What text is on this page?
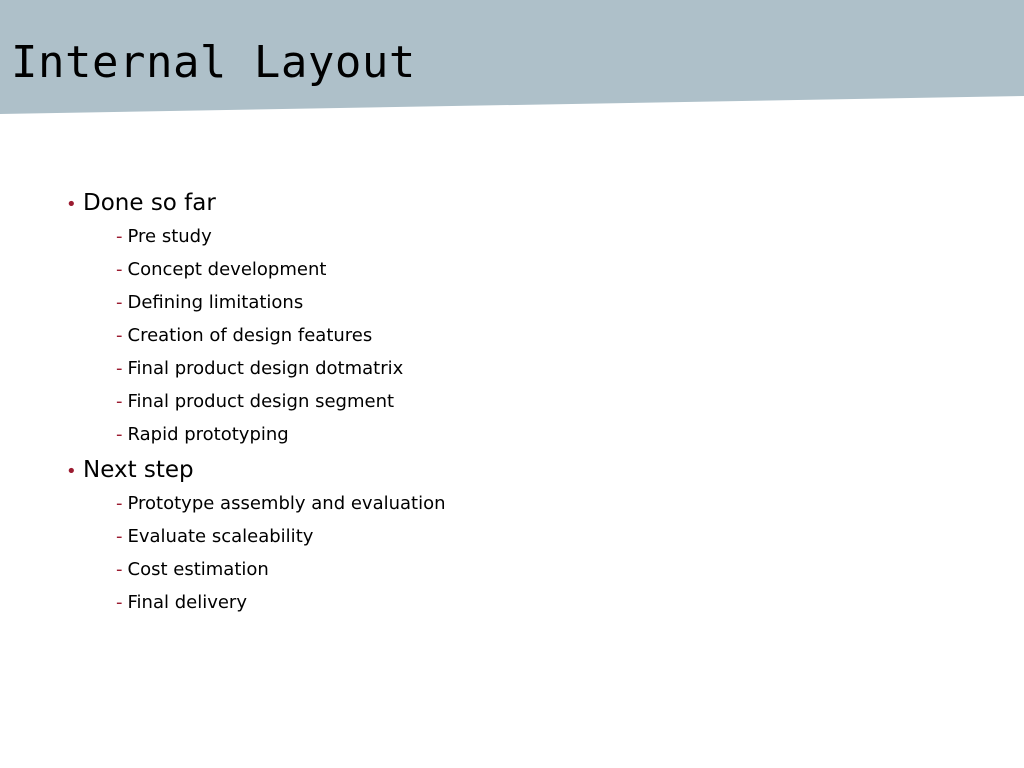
Internal Layout
• Done so far
- Pre study
- Concept development
- Defining limitations
- Creation of design features
- Final product design dotmatrix
- Final product design segment
- Rapid prototyping
• Next step
- Prototype assembly and evaluation
- Evaluate scaleability
- Cost estimation
- Final delivery
